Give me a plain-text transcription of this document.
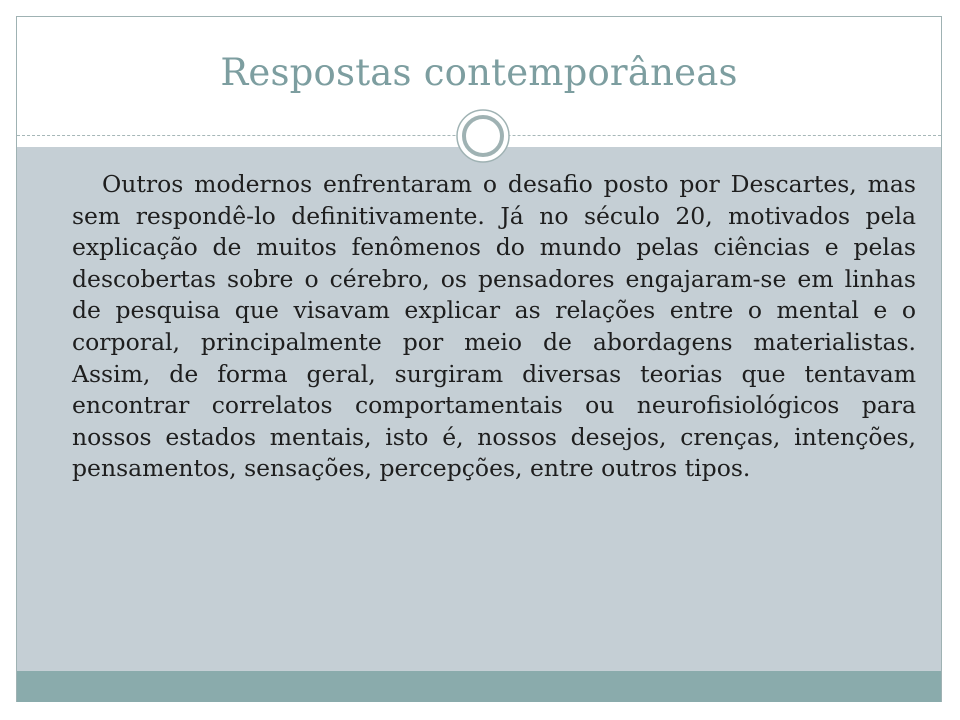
Respostas contemporâneas

Outros modernos enfrentaram o desafio posto por Descartes, mas sem respondê-lo definitivamente. Já no século 20, motivados pela explicação de muitos fenômenos do mundo pelas ciências e pelas descobertas sobre o cérebro, os pensadores engajaram-se em linhas de pesquisa que visavam explicar as relações entre o mental e o corporal, principalmente por meio de abordagens materialistas. Assim, de forma geral, surgiram diversas teorias que tentavam encontrar correlatos comportamentais ou neurofisiológicos para nossos estados mentais, isto é, nossos desejos, crenças, intenções, pensamentos, sensações, percepções, entre outros tipos.
